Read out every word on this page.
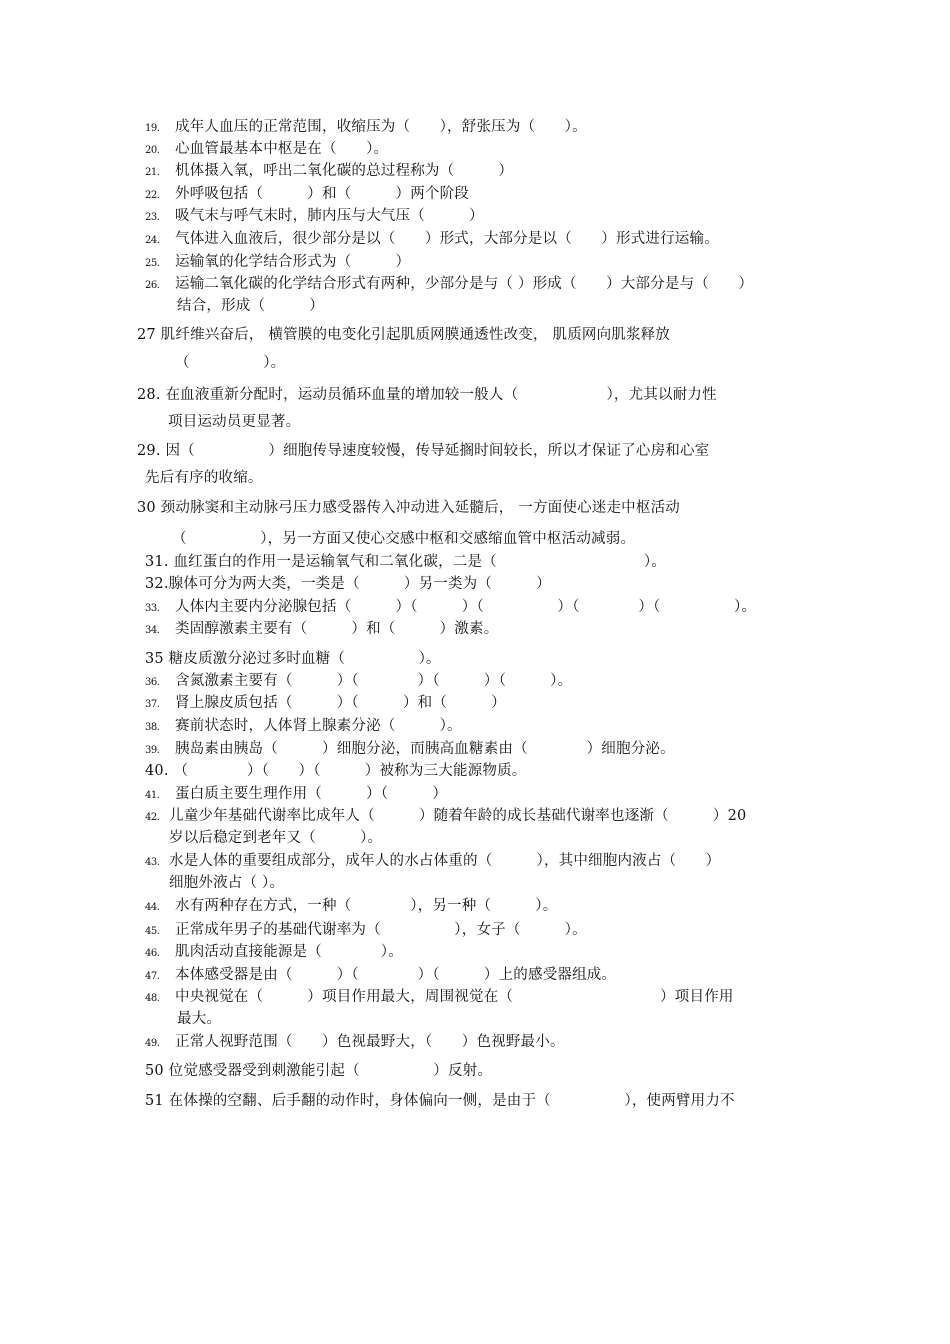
19. 成年人血压的正常范围，收缩压为（　　），舒张压为（　　）。
20. 心血管最基本中枢是在（　　）。
21. 机体摄入氧，呼出二氧化碳的总过程称为（　　　）
22. 外呼吸包括（　　　）和（　　　）两个阶段
23. 吸气末与呼气末时，肺内压与大气压（　　　）
24. 气体进入血液后，很少部分是以（　　）形式，大部分是以（　　）形式进行运输。
25. 运输氧的化学结合形式为（　　　）
26. 运输二氧化碳的化学结合形式有两种，少部分是与（ ）形成（　　）大部分是与（　　）
结合，形成（　　　）
27 肌纤维兴奋后， 横管膜的电变化引起肌质网膜通透性改变， 肌质网向肌浆释放
（　　　　　）。
28. 在血液重新分配时，运动员循环血量的增加较一般人（　　　　　　），尤其以耐力性
项目运动员更显著。
29. 因（　　　　　）细胞传导速度较慢，传导延搁时间较长，所以才保证了心房和心室
先后有序的收缩。
30 颈动脉窦和主动脉弓压力感受器传入冲动进入延髓后， 一方面使心迷走中枢活动
（　　　　　），另一方面又使心交感中枢和交感缩血管中枢活动减弱。
31. 血红蛋白的作用一是运输氧气和二氧化碳，二是（　　　　　　　　　　）。
32.腺体可分为两大类，一类是（　　　）另一类为（　　　）
33. 人体内主要内分泌腺包括（　　　）（　　　）（　　　　　）（　　　　）（　　　　　）。
34. 类固醇激素主要有（　　　）和（　　　）激素。
35 糖皮质激分泌过多时血糖（　　　　　）。
36. 含氮激素主要有（　　　）（　　　　）（　　　）（　　　）。
37. 肾上腺皮质包括（　　　）（　　　）和（　　　）
38. 赛前状态时，人体肾上腺素分泌（　　　）。
39. 胰岛素由胰岛（　　　）细胞分泌，而胰高血糖素由（　　　　）细胞分泌。
40. （　　　　）（　　）（　　　）被称为三大能源物质。
41. 蛋白质主要生理作用（　　　）（　　　）
42. 儿童少年基础代谢率比成年人（　　　）随着年龄的成长基础代谢率也逐渐（　　　）20
岁以后稳定到老年又（　　　）。
43. 水是人体的重要组成部分，成年人的水占体重的（　　　），其中细胞内液占（　　）
细胞外液占（ ）。
44. 水有两种存在方式，一种（　　　　），另一种（　　　）。
45. 正常成年男子的基础代谢率为（　　　　　），女子（　　　）。
46. 肌肉活动直接能源是（　　　　）。
47. 本体感受器是由（　　　）（　　　　）（　　　）上的感受器组成。
48. 中央视觉在（　　　）项目作用最大，周围视觉在（　　　　　　　　　　）项目作用
最大。
49. 正常人视野范围（　　）色视最野大，（　　）色视野最小。
50 位觉感受器受到刺激能引起（　　　　　）反射。
51 在体操的空翻、后手翻的动作时，身体偏向一侧，是由于（　　　　　），使两臂用力不
